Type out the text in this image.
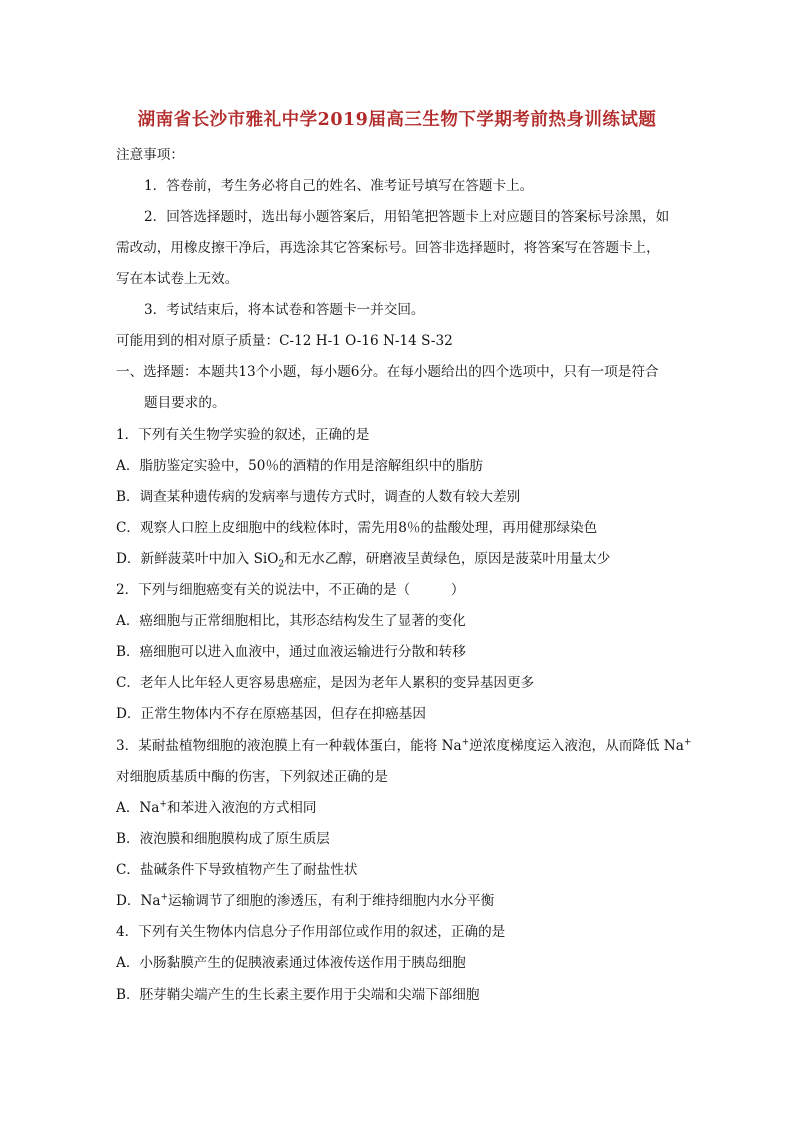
湖南省长沙市雅礼中学2019届高三生物下学期考前热身训练试题
注意事项：
1．答卷前，考生务必将自己的姓名、准考证号填写在答题卡上。
2．回答选择题时，选出每小题答案后，用铅笔把答题卡上对应题目的答案标号涂黑，如
需改动，用橡皮擦干净后，再选涂其它答案标号。回答非选择题时，将答案写在答题卡上，
写在本试卷上无效。
3．考试结束后，将本试卷和答题卡一并交回。
可能用到的相对原子质量：C-12 H-1 O-16 N-14 S-32
一、选择题：本题共13个小题，每小题6分。在每小题给出的四个选项中，只有一项是符合
题目要求的。
1．下列有关生物学实验的叙述，正确的是
A．脂肪鉴定实验中，50％的酒精的作用是溶解组织中的脂肪
B．调查某种遗传病的发病率与遗传方式时，调查的人数有较大差别
C．观察人口腔上皮细胞中的线粒体时，需先用8％的盐酸处理，再用健那绿染色
D．新鲜菠菜叶中加入 SiO$_2$和无水乙醇，研磨液呈黄绿色，原因是菠菜叶用量太少
2．下列与细胞癌变有关的说法中，不正确的是（　　　）
A．癌细胞与正常细胞相比，其形态结构发生了显著的变化
B．癌细胞可以进入血液中，通过血液运输进行分散和转移
C．老年人比年轻人更容易患癌症，是因为老年人累积的变异基因更多
D．正常生物体内不存在原癌基因，但存在抑癌基因
3．某耐盐植物细胞的液泡膜上有一种载体蛋白，能将 Na+逆浓度梯度运入液泡，从而降低 Na+
对细胞质基质中酶的伤害，下列叙述正确的是
A．Na+和苯进入液泡的方式相同
B．液泡膜和细胞膜构成了原生质层
C．盐碱条件下导致植物产生了耐盐性状
D．Na+运输调节了细胞的渗透压，有利于维持细胞内水分平衡
4．下列有关生物体内信息分子作用部位或作用的叙述，正确的是
A．小肠黏膜产生的促胰液素通过体液传送作用于胰岛细胞
B．胚芽鞘尖端产生的生长素主要作用于尖端和尖端下部细胞
